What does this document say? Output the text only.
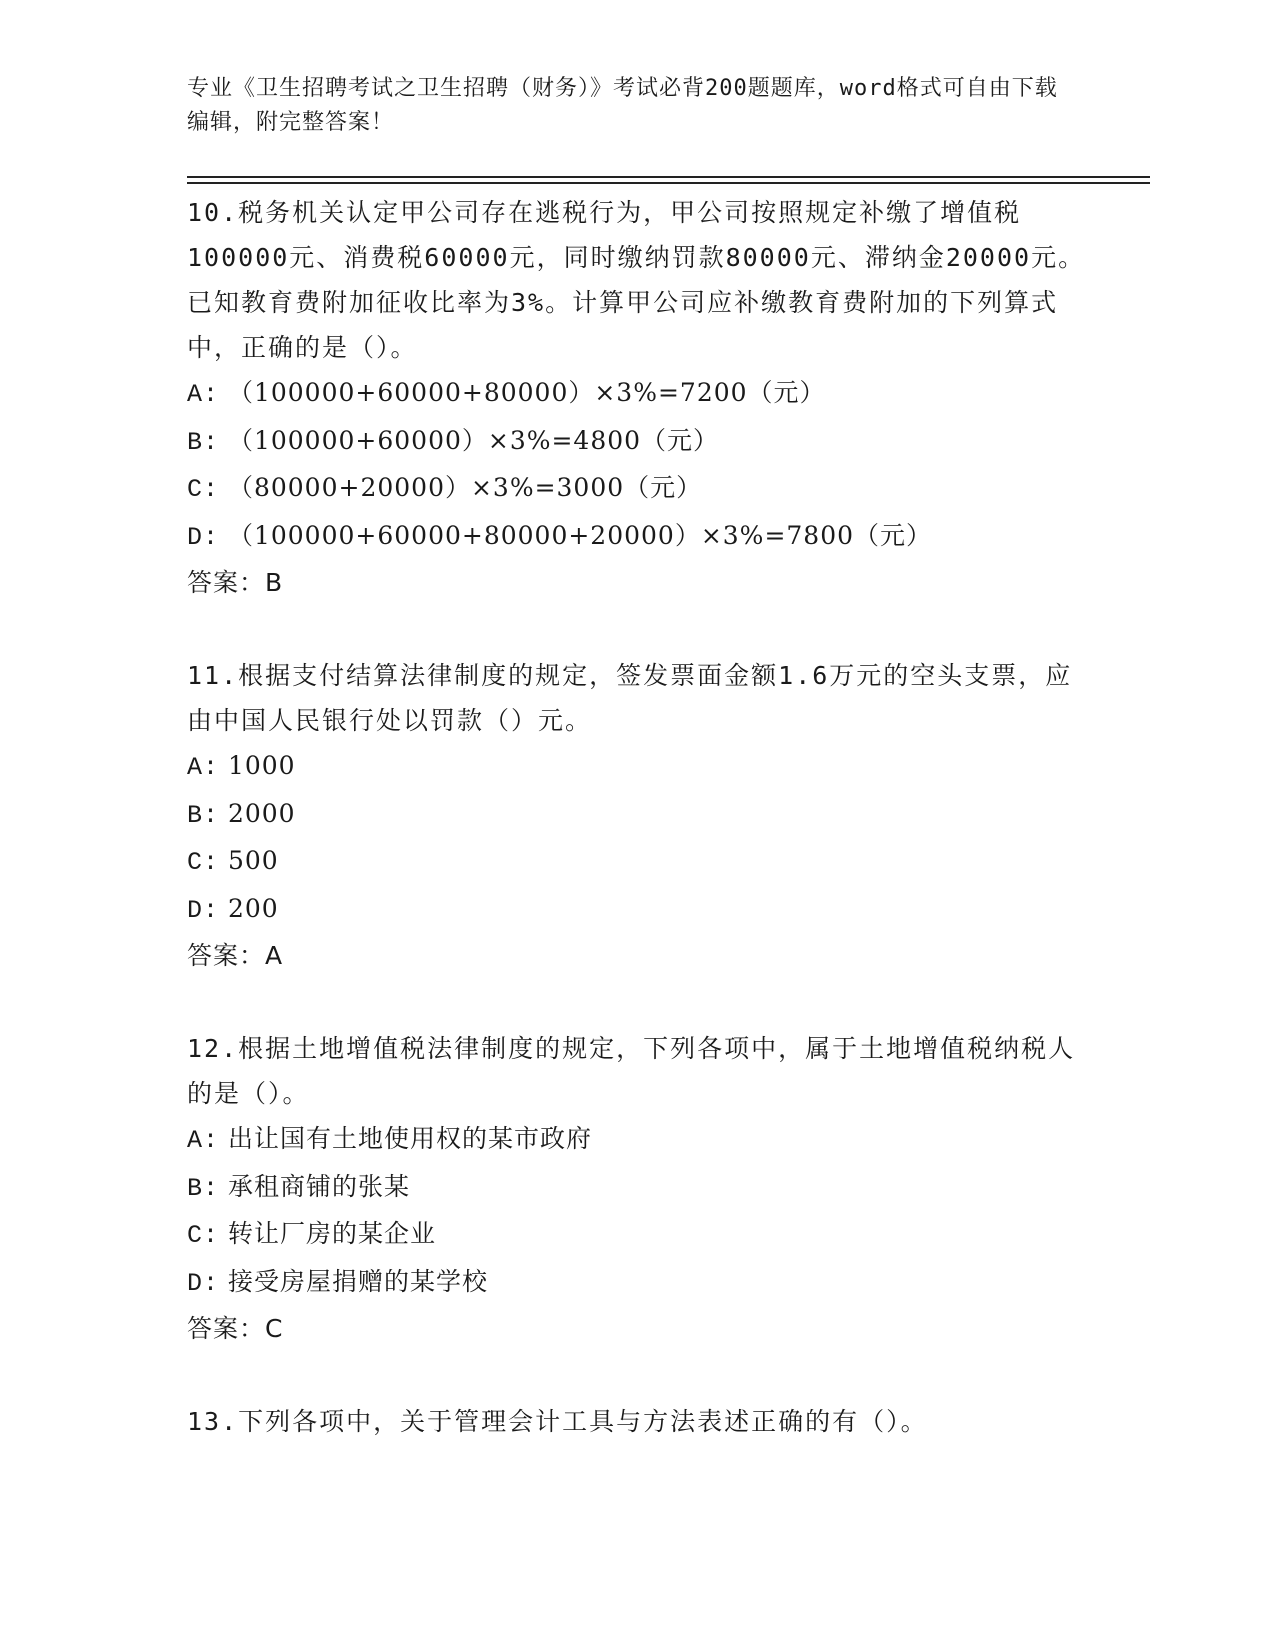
专业《卫生招聘考试之卫生招聘（财务）》考试必背200题题库，word格式可自由下载编辑，附完整答案！

10.税务机关认定甲公司存在逃税行为，甲公司按照规定补缴了增值税100000元、消费税60000元，同时缴纳罚款80000元、滞纳金20000元。已知教育费附加征收比率为3%。计算甲公司应补缴教育费附加的下列算式中，正确的是（）。

A: （100000+60000+80000）×3%=7200（元）
B: （100000+60000）×3%=4800（元）
C: （80000+20000）×3%=3000（元）
D: （100000+60000+80000+20000）×3%=7800（元）
答案：B

11.根据支付结算法律制度的规定，签发票面金额1.6万元的空头支票，应由中国人民银行处以罚款（）元。

A: 1000
B: 2000
C: 500
D: 200
答案：A

12.根据土地增值税法律制度的规定，下列各项中，属于土地增值税纳税人的是（）。

A: 出让国有土地使用权的某市政府
B: 承租商铺的张某
C: 转让厂房的某企业
D: 接受房屋捐赠的某学校
答案：C

13.下列各项中，关于管理会计工具与方法表述正确的有（）。
